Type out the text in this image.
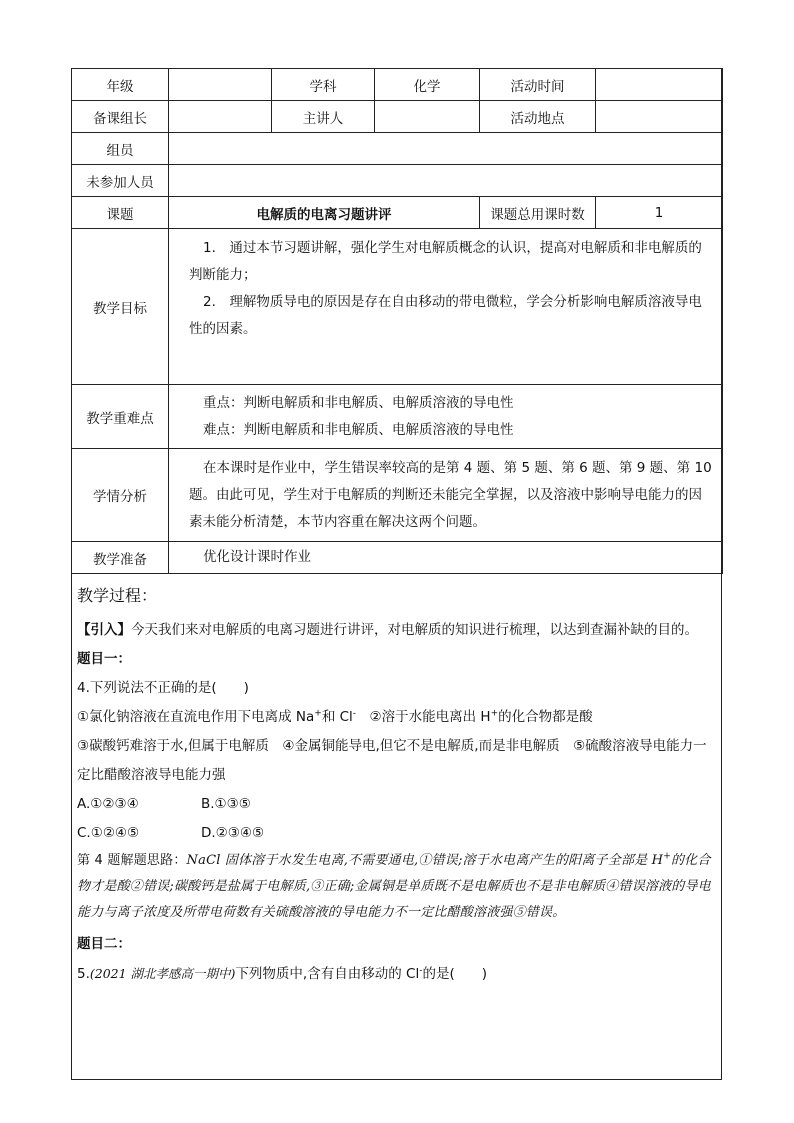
年级		学科	化学	活动时间	
备课组长		主讲人		活动地点	
组员					
未参加人员					
课题	电解质的电离习题讲评			课题总用课时数	1
教学目标	1.　通过本节习题讲解，强化学生对电解质概念的认识，提高对电解质和非电解质的判断能力；
2.　理解物质导电的原因是存在自由移动的带电微粒，学会分析影响电解质溶液导电性的因素。				

教学重难点	重点：判断电解质和非电解质、电解质溶液的导电性
难点：判断电解质和非电解质、电解质溶液的导电性				

学情分析	在本课时是作业中，学生错误率较高的是第 4 题、第 5 题、第 6 题、第 9 题、第 10 题。由此可见，学生对于电解质的判断还未能完全掌握，以及溶液中影响导电能力的因素未能分析清楚，本节内容重在解决这两个问题。				

教学准备	优化设计课时作业				
教学过程：
【引入】今天我们来对电解质的电离习题进行讲评，对电解质的知识进行梳理，以达到查漏补缺的目的。
题目一：
4.下列说法不正确的是(　　)
①氯化钠溶液在直流电作用下电离成 Na+和 Cl-　②溶于水能电离出 H+的化合物都是酸
③碳酸钙难溶于水,但属于电解质　④金属铜能导电,但它不是电解质,而是非电解质　⑤硫酸溶液导电能力一定比醋酸溶液导电能力强
A.①②③④	B.①③⑤
C.①②④⑤	D.②③④⑤
第 4 题解题思路：NaCl 固体溶于水发生电离,不需要通电,①错误;溶于水电离产生的阳离子全部是 H+的化合物才是酸②错误;碳酸钙是盐属于电解质,③正确;金属铜是单质既不是电解质也不是非电解质④错误溶液的导电能力与离子浓度及所带电荷数有关硫酸溶液的导电能力不一定比醋酸溶液强⑤错误。
题目二：
5.(2021 湖北孝感高一期中)下列物质中,含有自由移动的 Cl-的是(　　)
